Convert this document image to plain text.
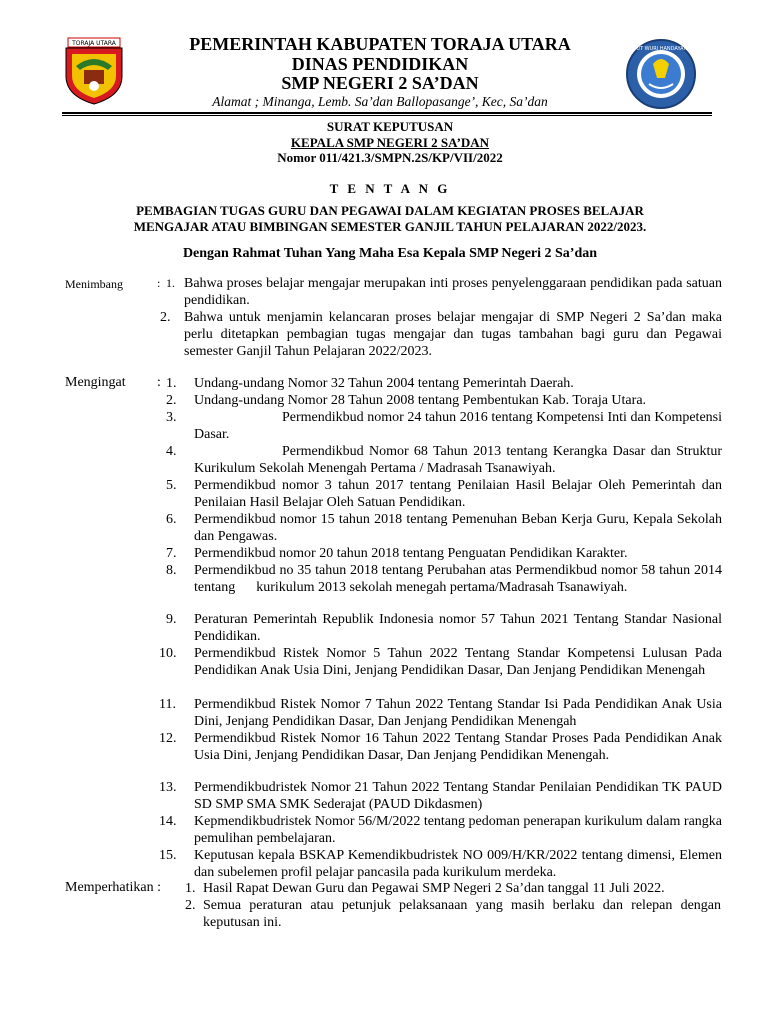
TORAJA UTARA
TUT WURI HANDAYANI
PEMERINTAH KABUPATEN TORAJA UTARA
DINAS PENDIDIKAN
SMP NEGERI 2 SA’DAN
Alamat ; Minanga, Lemb. Sa’dan Ballopasange’, Kec, Sa’dan
SURAT KEPUTUSAN
KEPALA SMP NEGERI 2 SA’DAN
Nomor 011/421.3/SMPN.2S/KP/VII/2022
T E N T A N G
PEMBAGIAN TUGAS GURU DAN PEGAWAI DALAM KEGIATAN PROSES BELAJAR MENGAJAR ATAU BIMBINGAN SEMESTER GANJIL TAHUN PELAJARAN 2022/2023.
Dengan Rahmat Tuhan Yang Maha Esa Kepala SMP Negeri 2 Sa’dan
Menimbang	: 1. Bahwa proses belajar mengajar merupakan inti proses penyelenggaraan pendidikan pada satuan pendidikan.
2. Bahwa untuk menjamin kelancaran proses belajar mengajar di SMP Negeri 2 Sa’dan maka perlu ditetapkan pembagian tugas mengajar dan tugas tambahan bagi guru dan Pegawai semester Ganjil Tahun Pelajaran 2022/2023.
Mengingat : 1. Undang-undang Nomor 32 Tahun 2004 tentang Pemerintah Daerah.
2. Undang-undang Nomor 28 Tahun 2008 tentang Pembentukan Kab. Toraja Utara.
3.	Permendikbud nomor 24 tahun 2016 tentang Kompetensi Inti dan Kompetensi Dasar.
4.	Permendikbud Nomor 68 Tahun 2013 tentang Kerangka Dasar dan Struktur Kurikulum Sekolah Menengah Pertama / Madrasah Tsanawiyah.
5. Permendikbud nomor 3 tahun 2017 tentang Penilaian Hasil Belajar Oleh Pemerintah dan Penilaian Hasil Belajar Oleh Satuan Pendidikan.
6. Permendikbud nomor 15 tahun 2018 tentang Pemenuhan Beban Kerja Guru, Kepala Sekolah         dan Pengawas.
7. Permendikbud nomor 20 tahun 2018 tentang Penguatan Pendidikan Karakter.
8. Permendikbud no 35 tahun 2018 tentang Perubahan atas Permendikbud nomor 58 tahun 2014 tentang      kurikulum 2013 sekolah menegah pertama/Madrasah Tsanawiyah.
9. Peraturan Pemerintah Republik Indonesia nomor 57 Tahun 2021 Tentang Standar Nasional Pendidikan.
10. Permendikbud Ristek Nomor 5 Tahun 2022 Tentang Standar Kompetensi Lulusan Pada Pendidikan Anak Usia Dini, Jenjang Pendidikan Dasar, Dan Jenjang Pendidikan Menengah
11. Permendikbud Ristek Nomor 7 Tahun 2022 Tentang Standar Isi Pada Pendidikan Anak Usia Dini, Jenjang Pendidikan Dasar, Dan Jenjang Pendidikan Menengah
12. Permendikbud Ristek Nomor 16 Tahun 2022 Tentang Standar Proses Pada Pendidikan Anak Usia Dini, Jenjang Pendidikan Dasar, Dan Jenjang Pendidikan Menengah.
13. Permendikbudristek Nomor 21 Tahun 2022 Tentang Standar Penilaian Pendidikan TK PAUD SD SMP SMA SMK Sederajat (PAUD Dikdasmen)
14. Kepmendikbudristek Nomor 56/M/2022 tentang pedoman penerapan kurikulum dalam rangka pemulihan pembelajaran.
15. Keputusan kepala BSKAP Kemendikbudristek NO 009/H/KR/2022 tentang dimensi, Elemen dan subelemen profil pelajar pancasila pada kurikulum merdeka.
Memperhatikan : 1. Hasil Rapat Dewan Guru dan Pegawai SMP Negeri 2 Sa’dan tanggal 11 Juli 2022.
2. Semua peraturan atau petunjuk pelaksanaan yang masih berlaku dan relepan dengan keputusan ini.
